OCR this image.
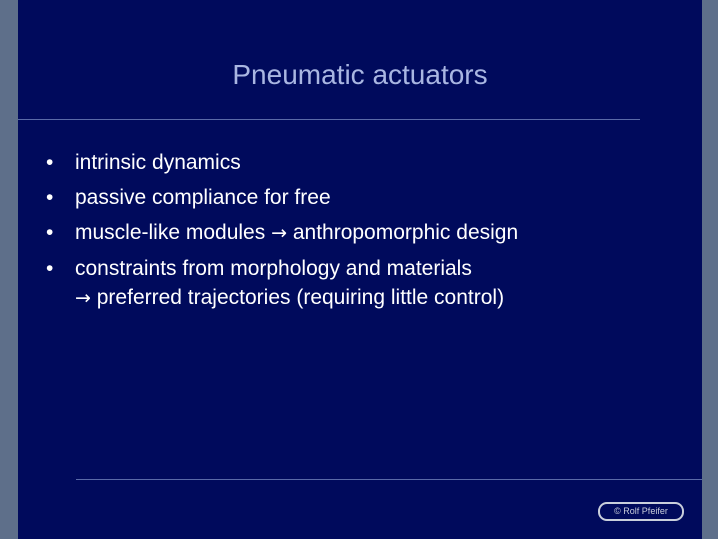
Pneumatic actuators
• intrinsic dynamics
• passive compliance for free
• muscle-like modules → anthropomorphic design
• constraints from morphology and materials
→ preferred trajectories (requiring little control)
© Rolf Pfeifer
